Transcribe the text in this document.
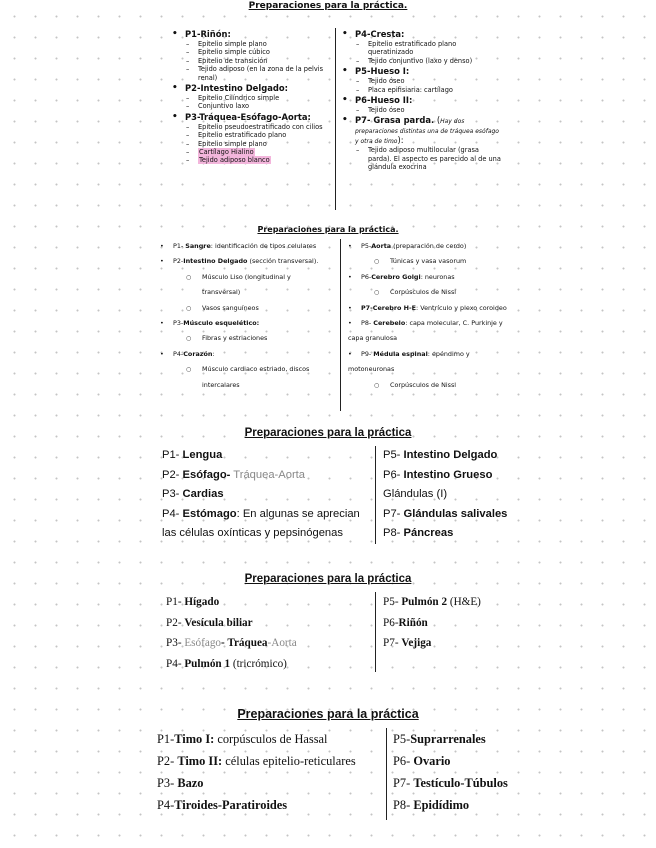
Preparaciones para la práctica.
• P1-Riñón:
– Epitelio simple plano
– Epitelio simple cúbico
– Epitelio de transición
– Tejido adiposo (en la zona de la pelvis renal)
• P2-Intestino Delgado:
– Epitelio Cilíndrico simple
– Conjuntivo laxo
• P3-Tráquea-Esófago-Aorta:
– Epitelio pseudoestratificado con cilios
– Epitelio estratificado plano
– Epitelio simple plano
– Cartílago Hialino
– Tejido adiposo blanco
• P4-Cresta:
– Epitelio estratificado plano queratinizado
– Tejido conjuntivo (laxo y denso)
• P5-Hueso I:
– Tejido óseo
– Placa epifisiaria: cartílago
• P6-Hueso II:
– Tejido óseo
• P7- Grasa parda. (Hay dos preparaciones distintas una de tráquea esófago y otra de timo):
– Tejido adiposo multilocular (grasa parda). El aspecto es parecido al de una glándula exocrina
Preparaciones para la práctica.
• P1- Sangre: identificación de tipos celulares
• P2-Intestino Delgado (sección transversal).
○ Músculo Liso (longitudinal y
transversal)
○ Vasos sanguíneos
• P3-Músculo esquelético:
○ Fibras y estriaciones
• P4-Corazón:
○ Músculo cardiaco estriado, discos
intercalares
• P5-Aorta (preparación de cerdo)
○ Túnicas y vasa vasorum
• P6-Cerebro Golgi: neuronas
○ Corpúsculos de Nissl
• P7-Cerebro H-E: Ventrículo y plexo coroideo
• P8- Cerebelo: capa molecular, C. Purkinje y
capa granulosa
• P9- Médula espinal: epéndimo y
motoneuronas
○ Corpúsculos de Nissl
Preparaciones para la práctica
P1- Lengua
P2- Esófago- Tráquea-Aorta
P3- Cardias
P4- Estómago: En algunas se aprecian
las células oxínticas y pepsinógenas
P5- Intestino Delgado
P6- Intestino Grueso
Glándulas (I)
P7- Glándulas salivales
P8- Páncreas
Preparaciones para la práctica
P1- Hígado
P2- Vesícula biliar
P3- Esófago- Tráquea-Aorta
P4- Pulmón 1 (tricrómico)
P5- Pulmón 2 (H&E)
P6-Riñón
P7- Vejiga
Preparaciones para la práctica
P1-Timo I: corpúsculos de Hassal
P2- Timo II: células epitelio-reticulares
P3- Bazo
P4-Tiroides-Paratiroides
P5-Suprarrenales
P6- Ovario
P7- Testículo-Túbulos
P8- Epidídimo
